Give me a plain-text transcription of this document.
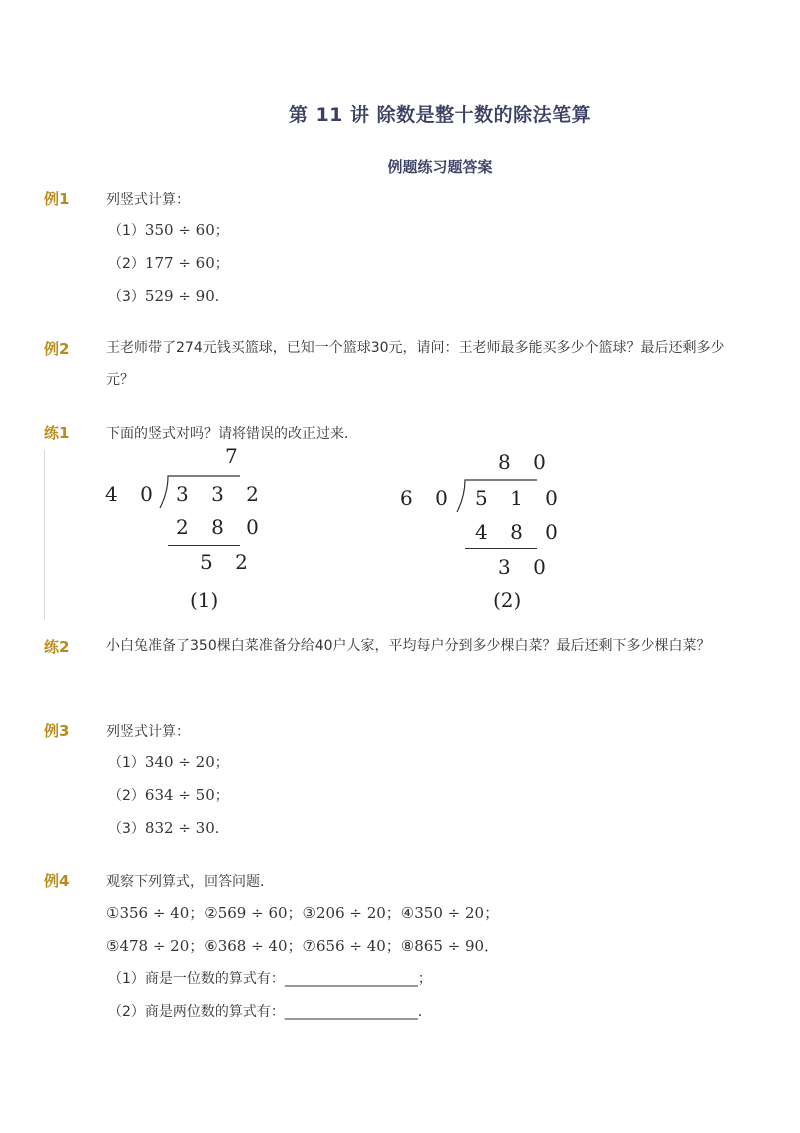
第 11 讲 除数是整十数的除法笔算
例题练习题答案
例1	列竖式计算：
（1）350 ÷ 60；
（2）177 ÷ 60；
（3）529 ÷ 90．
例2	王老师带了274元钱买篮球，已知一个篮球30元，请问：王老师最多能买多少个篮球？最后还剩多少元？
练1	下面的竖式对吗？请将错误的改正过来．
7
4 0 3 3 2
2 8 0
5 2
(1)
8 0
6 0 5 1 0
4 8 0
3 0
(2)
练2	小白兔准备了350棵白菜准备分给40户人家，平均每户分到多少棵白菜？最后还剩下多少棵白菜？
例3	列竖式计算：
（1）340 ÷ 20；
（2）634 ÷ 50；
（3）832 ÷ 30．
例4	观察下列算式，回答问题．
①356 ÷ 40；②569 ÷ 60；③206 ÷ 20；④350 ÷ 20；
⑤478 ÷ 20；⑥368 ÷ 40；⑦656 ÷ 40；⑧865 ÷ 90．
（1）商是一位数的算式有：___________________；
（2）商是两位数的算式有：___________________．
